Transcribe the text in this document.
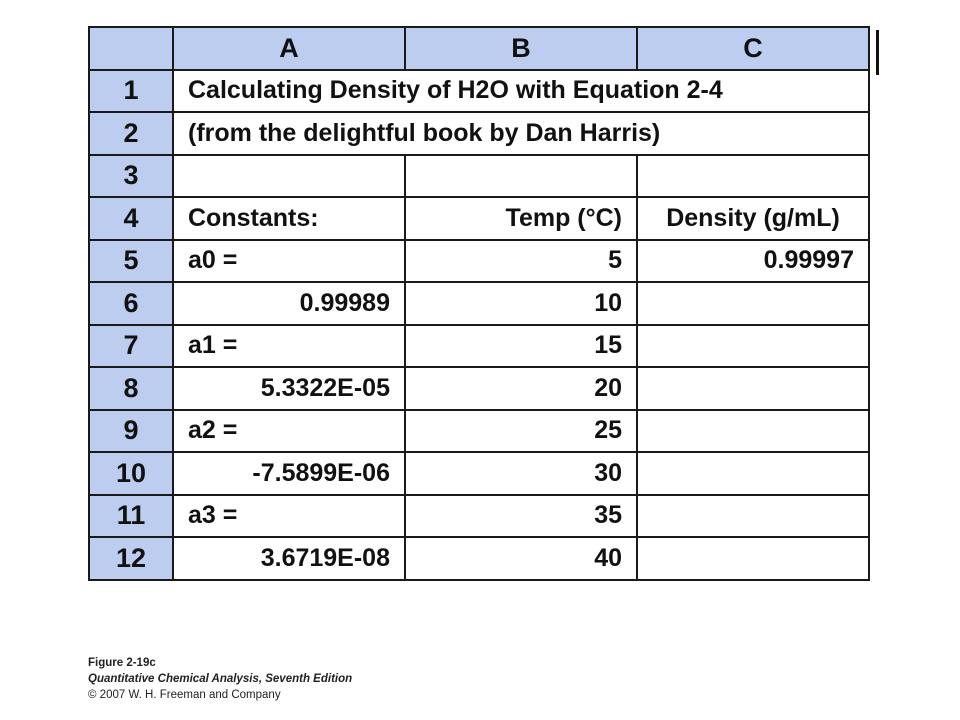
	A	B	C
1	Calculating Density of H2O with Equation 2-4		
2	(from the delightful book by Dan Harris)		
3			
4	Constants:	Temp (°C)	Density (g/mL)
5	a0 =	5	0.99997
6	0.99989	10	
7	a1 =	15	
8	5.3322E-05	20	
9	a2 =	25	
10	-7.5899E-06	30	
11	a3 =	35	
12	3.6719E-08	40	
Figure 2-19c
Quantitative Chemical Analysis, Seventh Edition
© 2007 W. H. Freeman and Company
